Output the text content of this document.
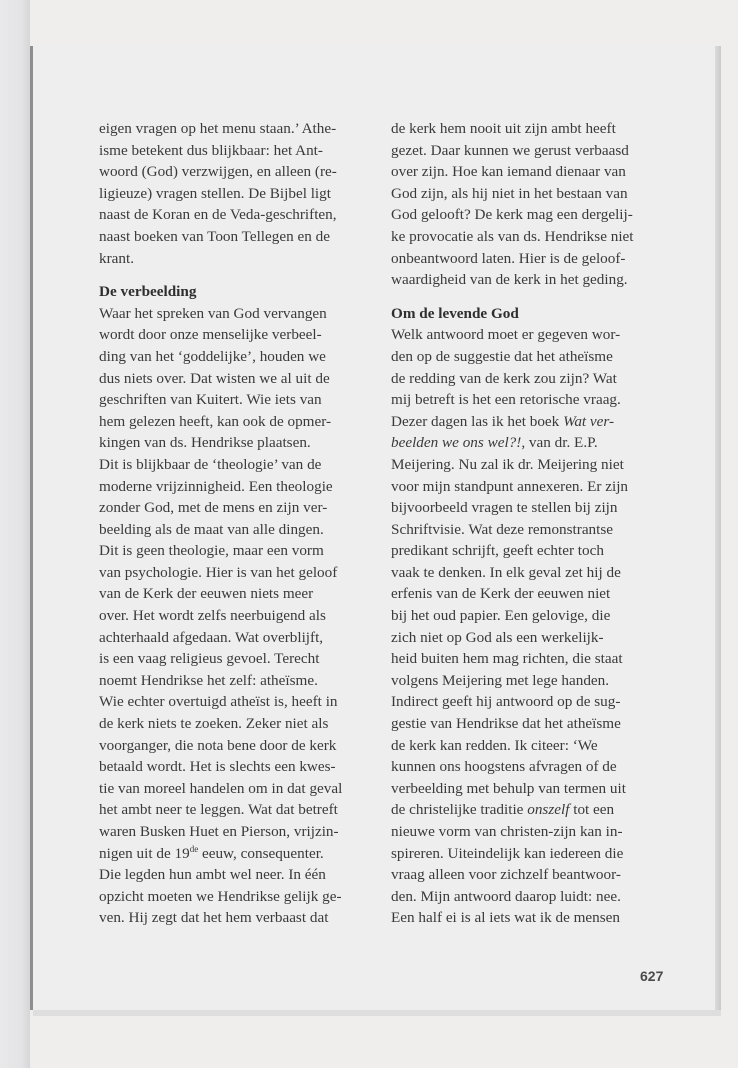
eigen vragen op het menu staan.’ Athe-
isme betekent dus blijkbaar: het Ant-
woord (God) verzwijgen, en alleen (re-
ligieuze) vragen stellen. De Bijbel ligt
naast de Koran en de Veda-geschriften,
naast boeken van Toon Tellegen en de
krant.
De verbeelding
Waar het spreken van God vervangen
wordt door onze menselijke verbeel-
ding van het ‘goddelijke’, houden we
dus niets over. Dat wisten we al uit de
geschriften van Kuitert. Wie iets van
hem gelezen heeft, kan ook de opmer-
kingen van ds. Hendrikse plaatsen.
Dit is blijkbaar de ‘theologie’ van de
moderne vrijzinnigheid. Een theologie
zonder God, met de mens en zijn ver-
beelding als de maat van alle dingen.
Dit is geen theologie, maar een vorm
van psychologie. Hier is van het geloof
van de Kerk der eeuwen niets meer
over. Het wordt zelfs neerbuigend als
achterhaald afgedaan. Wat overblijft,
is een vaag religieus gevoel. Terecht
noemt Hendrikse het zelf: atheïsme.
Wie echter overtuigd atheïst is, heeft in
de kerk niets te zoeken. Zeker niet als
voorganger, die nota bene door de kerk
betaald wordt. Het is slechts een kwes-
tie van moreel handelen om in dat geval
het ambt neer te leggen. Wat dat betreft
waren Busken Huet en Pierson, vrijzin-
nigen uit de 19de eeuw, consequenter.
Die legden hun ambt wel neer. In één
opzicht moeten we Hendrikse gelijk ge-
ven. Hij zegt dat het hem verbaast dat
de kerk hem nooit uit zijn ambt heeft
gezet. Daar kunnen we gerust verbaasd
over zijn. Hoe kan iemand dienaar van
God zijn, als hij niet in het bestaan van
God gelooft? De kerk mag een dergelij-
ke provocatie als van ds. Hendrikse niet
onbeantwoord laten. Hier is de geloof-
waardigheid van de kerk in het geding.
Om de levende God
Welk antwoord moet er gegeven wor-
den op de suggestie dat het atheïsme
de redding van de kerk zou zijn? Wat
mij betreft is het een retorische vraag.
Dezer dagen las ik het boek Wat ver-
beelden we ons wel?!, van dr. E.P.
Meijering. Nu zal ik dr. Meijering niet
voor mijn standpunt annexeren. Er zijn
bijvoorbeeld vragen te stellen bij zijn
Schriftvisie. Wat deze remonstrantse
predikant schrijft, geeft echter toch
vaak te denken. In elk geval zet hij de
erfenis van de Kerk der eeuwen niet
bij het oud papier. Een gelovige, die
zich niet op God als een werkelijk-
heid buiten hem mag richten, die staat
volgens Meijering met lege handen.
Indirect geeft hij antwoord op de sug-
gestie van Hendrikse dat het atheïsme
de kerk kan redden. Ik citeer: ‘We
kunnen ons hoogstens afvragen of de
verbeelding met behulp van termen uit
de christelijke traditie onszelf tot een
nieuwe vorm van christen-zijn kan in-
spireren. Uiteindelijk kan iedereen die
vraag alleen voor zichzelf beantwoor-
den. Mijn antwoord daarop luidt: nee.
Een half ei is al iets wat ik de mensen
627
